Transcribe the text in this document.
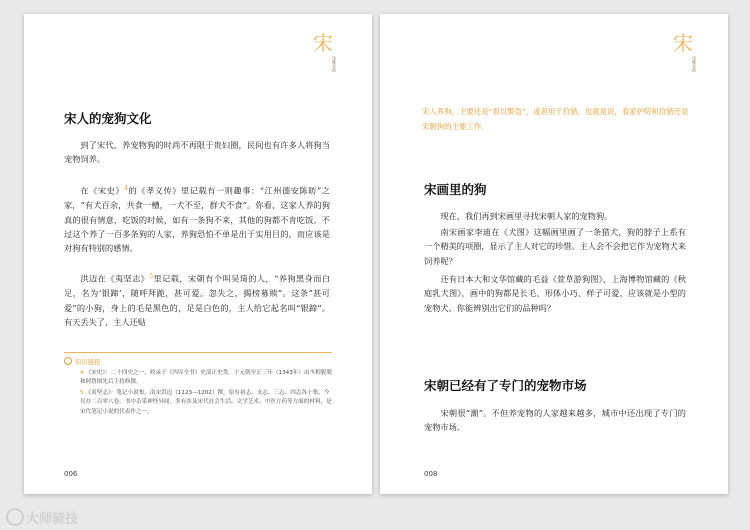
宋
风雅宋韵
宋人的宠狗文化

到了宋代，养宠物狗的时尚不再限于贵妇圈，民间也有许多人将狗当宠物饲养。

在《宋史》$^4$的《孝义传》里记载有一则趣事：“江州德安陈昉”之家，“有犬百余，共食一槽，一犬不至，群犬不食”。你看，这家人养的狗真的很有情意，吃饭的时候，如有一条狗不来，其他的狗都不肯吃饭。不过这个养了一百多条狗的人家，养狗恐怕不单是出于实用目的，而应该是对狗有特别的感情。

洪迈在《夷坚志》$^5$里记载，宋朝有个叫吴琦的人，“养狗黑身而白足，名为‘银蹄’，随呼拜跪，甚可爱。忽失之，揭榜募赎”。这条“甚可爱”的小狗，身上的毛是黑色的，足是白色的，主人给它起名叫“银蹄”。有天丢失了，主人还贴

知识链接
4 《宋史》：二十四史之一，收录于《四库全书》史部正史类。于元朝至正三年（1343年）由丞相脱脱和阿鲁图先后主持修撰。
5 《夷坚志》：笔记小说集，南宋洪迈（1123—1202）撰。原有初志、支志、三志、四志各十集，今仅存二百零八卷。书中杂采神怪异闻，多有涉及宋代社会生活、文学艺术、中医方药等方面的材料，是宋代笔记小说的代表作之一。
006
宋
风雅宋韵
宋人养狗，主要还是“看以警盗”，或者用于狩猎。也就是说，看家护院和狩猎还是宋朝狗的主要工作。
宋画里的狗

现在，我们再到宋画里寻找宋朝人家的宠物狗。

南宋画家李迪在《犬图》这幅画里画了一条猎犬，狗的脖子上系有一个精美的项圈，显示了主人对它的珍惜。主人会不会把它作为宠物犬来饲养呢？

还有日本大和文华馆藏的毛益《萱草游狗图》，上海博物馆藏的《秋庭乳犬图》，画中的狗都是长毛、形体小巧、样子可爱，应该就是小型的宠物犬。你能辨别出它们的品种吗？

宋朝已经有了专门的宠物市场

宋朝很“潮”。不但养宠物的人家越来越多，城市中还出现了专门的宠物市场。

008
大师骑技
